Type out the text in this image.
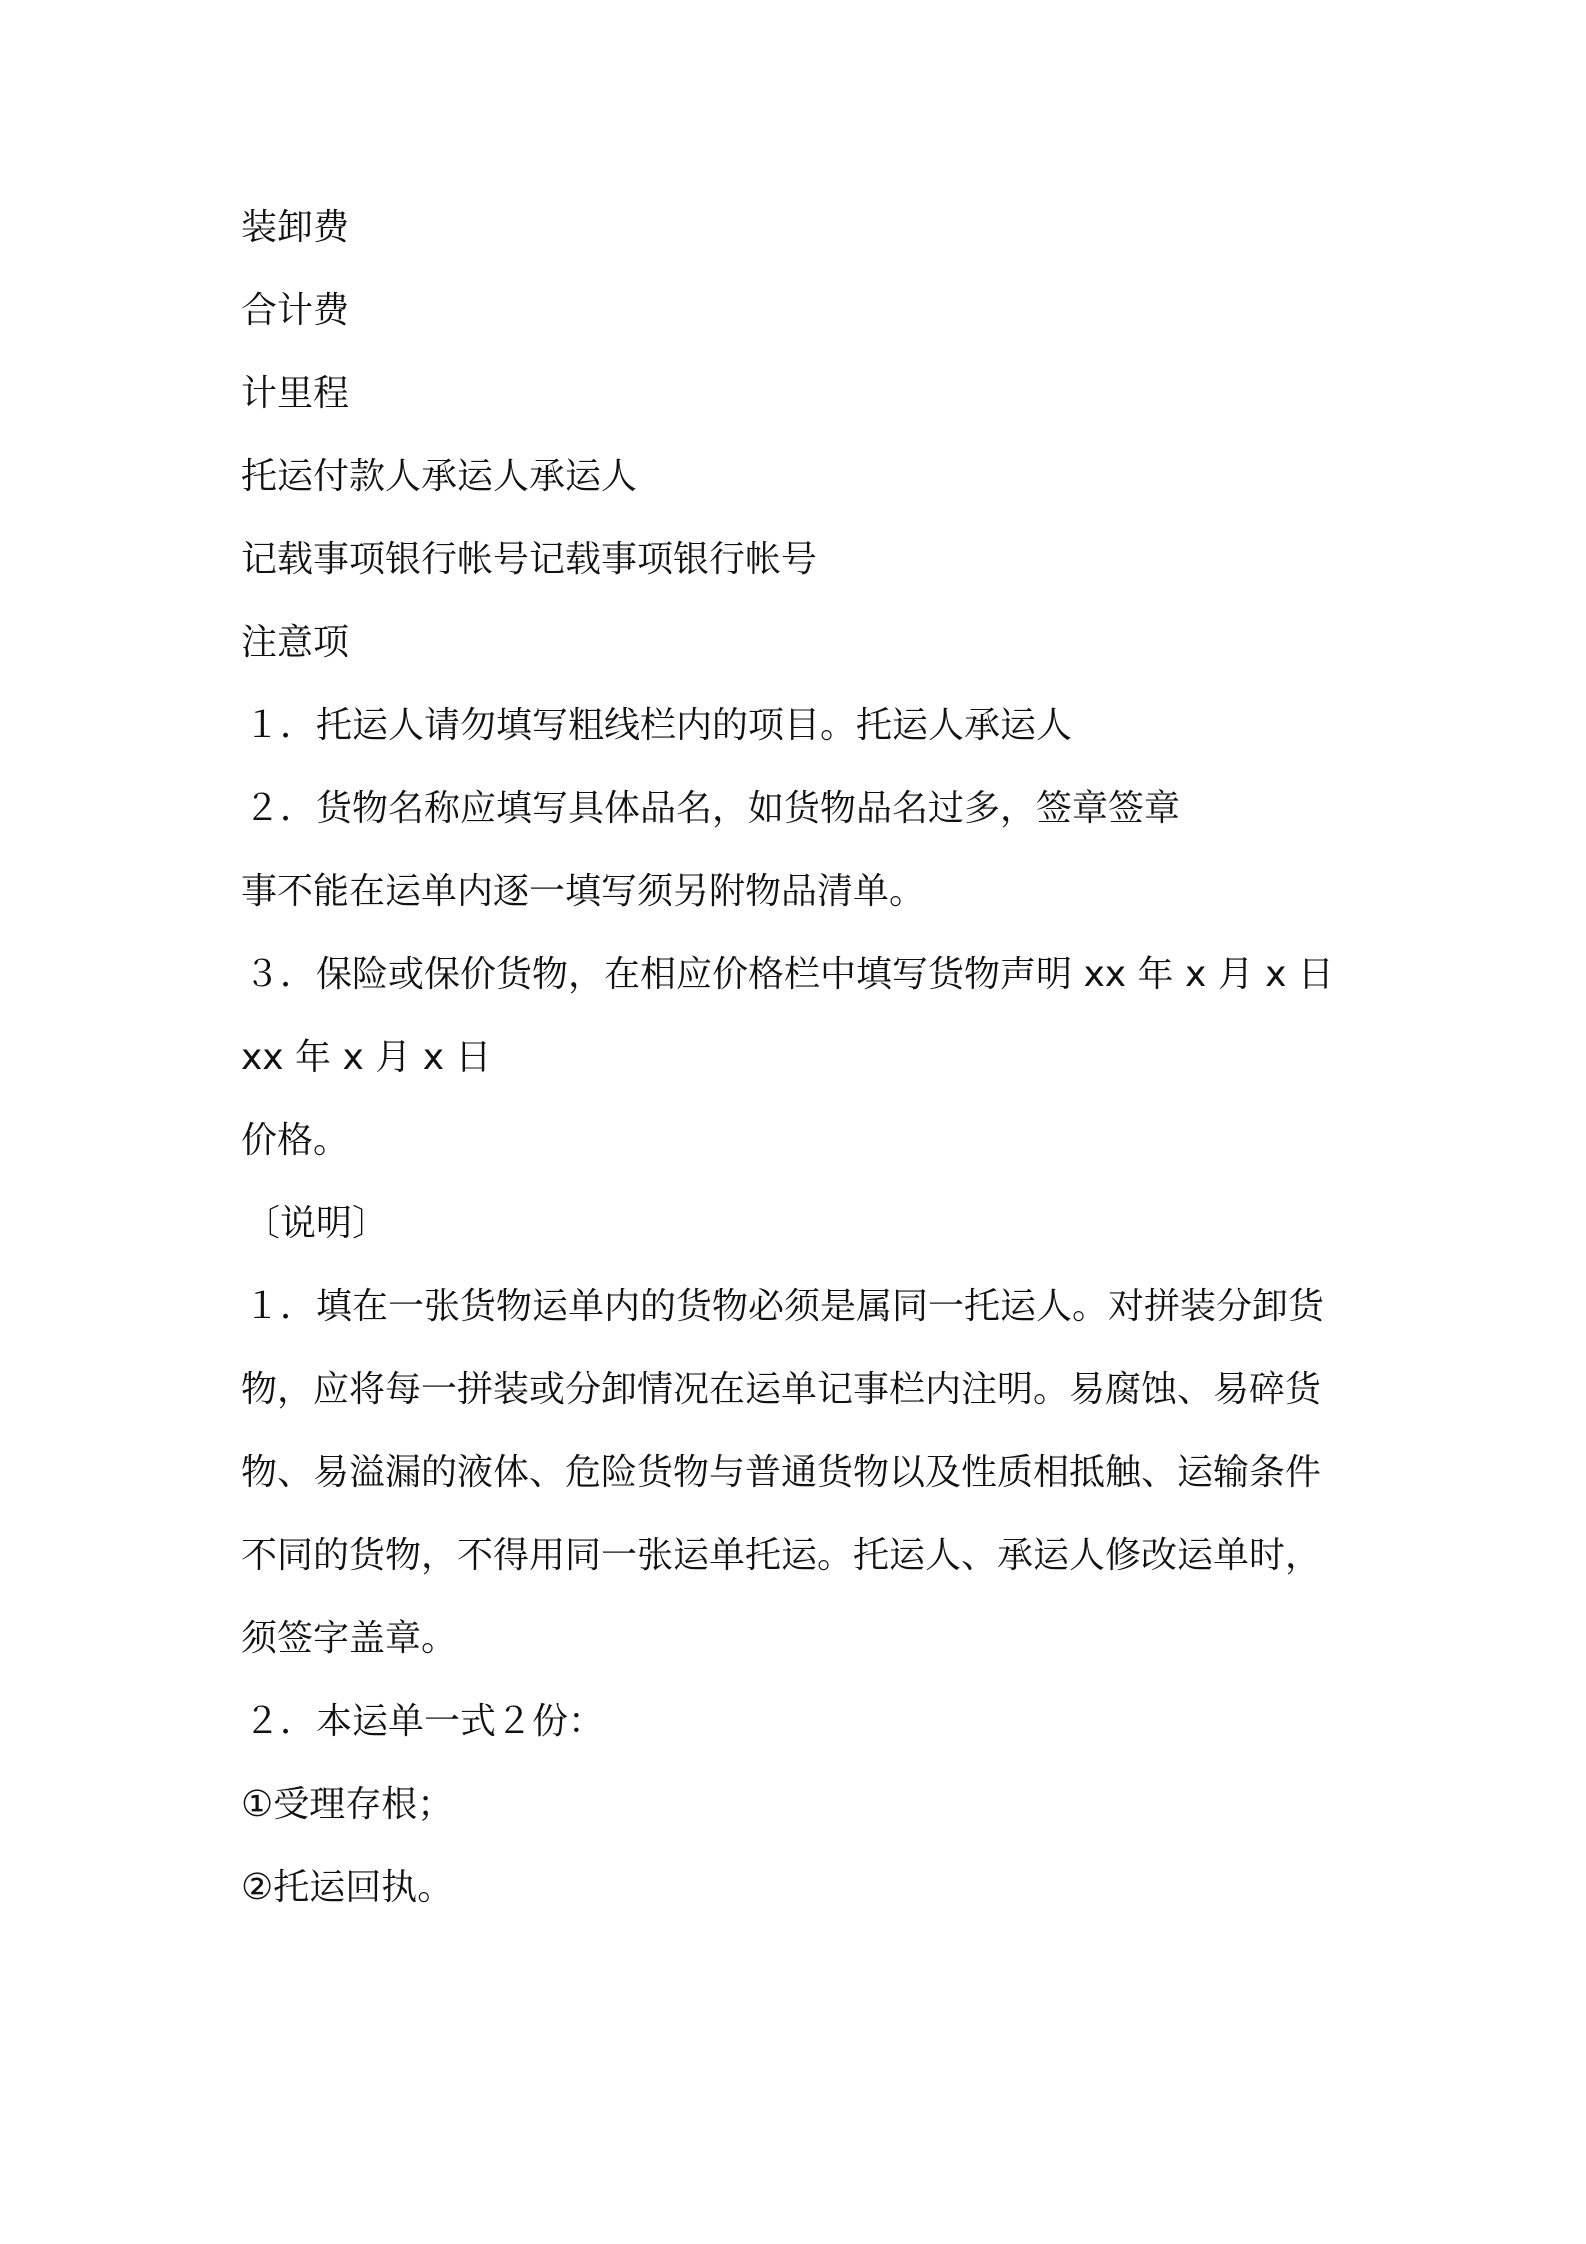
装卸费
合计费
计里程
托运付款人承运人承运人
记载事项银行帐号记载事项银行帐号
注意项
１．托运人请勿填写粗线栏内的项目。托运人承运人
２．货物名称应填写具体品名，如货物品名过多，签章签章
事不能在运单内逐一填写须另附物品清单。
３．保险或保价货物，在相应价格栏中填写货物声明 xx 年 x 月 x 日
xx 年 x 月 x 日
价格。
〔说明〕
１．填在一张货物运单内的货物必须是属同一托运人。对拼装分卸货
物，应将每一拼装或分卸情况在运单记事栏内注明。易腐蚀、易碎货
物、易溢漏的液体、危险货物与普通货物以及性质相抵触、运输条件
不同的货物，不得用同一张运单托运。托运人、承运人修改运单时，
须签字盖章。
２．本运单一式２份：
①受理存根；
②托运回执。
